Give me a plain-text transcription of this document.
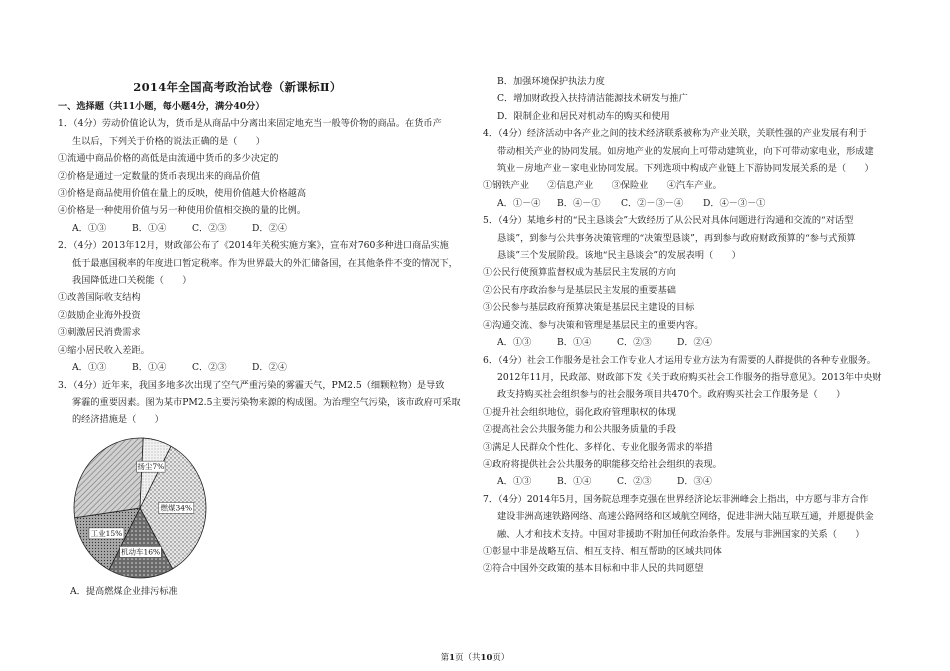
2014年全国高考政治试卷（新课标Ⅱ）
一、选择题（共11小题，每小题4分，满分40分）
1．（4分）劳动价值论认为，货币是从商品中分离出来固定地充当一般等价物的商品。在货币产
生以后，下列关于价格的说法正确的是（　　）
①流通中商品价格的高低是由流通中货币的多少决定的
②价格是通过一定数量的货币表现出来的商品价值
③价格是商品使用价值在量上的反映，使用价值越大价格越高
④价格是一种使用价值与另一种使用价值相交换的量的比例。
A．①③	B．①④	C．②③	D．②④
2．（4分）2013年12月，财政部公布了《2014年关税实施方案》，宣布对760多种进口商品实施
低于最惠国税率的年度进口暂定税率。作为世界最大的外汇储备国，在其他条件不变的情况下，
我国降低进口关税能（　　）
①改善国际收支结构
②鼓励企业海外投资
③刺激居民消费需求
④缩小居民收入差距。
A．①③	B．①④	C．②③	D．②④
3．（4分）近年来，我国多地多次出现了空气严重污染的雾霾天气，PM2.5（细颗粒物）是导致
雾霾的重要因素。图为某市PM2.5主要污染物来源的构成图。为治理空气污染，该市政府可采取
的经济措施是（　　）
燃煤34%
机动车16%
工业15%
扬尘7%
A．提高燃煤企业排污标准
B．加强环境保护执法力度
C．增加财政投入扶持清洁能源技术研发与推广
D．限制企业和居民对机动车的购买和使用
4．（4分）经济活动中各产业之间的技术经济联系被称为产业关联，关联性强的产业发展有利于
带动相关产业的协同发展。如房地产业的发展向上可带动建筑业，向下可带动家电业，形成建
筑业－房地产业－家电业协同发展。下列选项中构成产业链上下游协同发展关系的是（　　）
①钢铁产业　　②信息产业　　③保险业　　④汽车产业。
A．①－④	B．④－①	C．②－③－④	D．④－③－①
5．（4分）某地乡村的“民主恳谈会”大致经历了从公民对具体问题进行沟通和交流的“对话型
恳谈”，到参与公共事务决策管理的“决策型恳谈”，再到参与政府财政预算的“参与式预算
恳谈”三个发展阶段。该地“民主恳谈会”的发展表明（　　）
①公民行使预算监督权成为基层民主发展的方向
②公民有序政治参与是基层民主发展的重要基础
③公民参与基层政府预算决策是基层民主建设的目标
④沟通交流、参与决策和管理是基层民主的重要内容。
A．①③	B．①④	C．②③	D．②④
6．（4分）社会工作服务是社会工作专业人才运用专业方法为有需要的人群提供的各种专业服务。
2012年11月，民政部、财政部下发《关于政府购买社会工作服务的指导意见》。2013年中央财
政支持购买社会组织参与的社会服务项目共470个。政府购买社会工作服务是（　　）
①提升社会组织地位，弱化政府管理职权的体现
②提高社会公共服务能力和公共服务质量的手段
③满足人民群众个性化、多样化、专业化服务需求的举措
④政府将提供社会公共服务的职能移交给社会组织的表现。
A．①③	B．①④	C．②③	D．③④
7．（4分）2014年5月，国务院总理李克强在世界经济论坛非洲峰会上指出，中方愿与非方合作
建设非洲高速铁路网络、高速公路网络和区域航空网络，促进非洲大陆互联互通，并愿提供金
融、人才和技术支持。中国对非援助不附加任何政治条件。发展与非洲国家的关系（　　）
①彰显中非是战略互信、相互支持、相互帮助的区域共同体
②符合中国外交政策的基本目标和中非人民的共同愿望
第1页（共10页）
